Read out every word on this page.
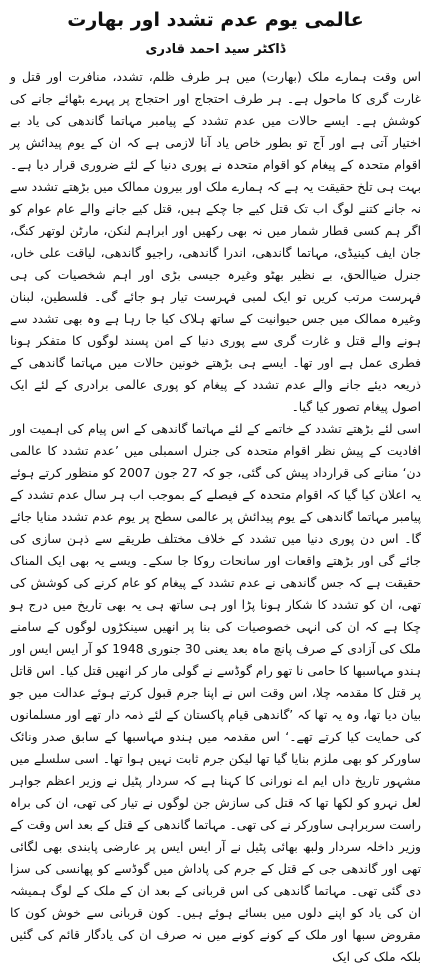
عالمی یوم عدم تشدد اور بھارت
ڈاکٹر سید احمد قادری

اس وقت ہمارے ملک (بھارت) میں ہر طرف ظلم، تشدد، منافرت اور قتل و غارت گری کا ماحول ہے۔ ہر طرف احتجاج اور احتجاج پر پہرے بٹھائے جانے کی کوشش ہے۔ ایسے حالات میں عدم تشدد کے پیامبر مہاتما گاندھی کی یاد بے اختیار آتی ہے اور آج تو بطور خاص یاد آنا لازمی ہے کہ ان کے یوم پیدائش پر اقوام متحدہ کے پیغام کو اقوام متحدہ نے پوری دنیا کے لئے ضروری قرار دیا ہے۔ بہت ہی تلخ حقیقت یہ ہے کہ ہمارے ملک اور بیرون ممالک میں بڑھتے تشدد سے نہ جانے کتنے لوگ اب تک قتل کیے جا چکے ہیں، قتل کیے جانے والے عام عوام کو اگر ہم کسی قطار شمار میں نہ بھی رکھیں اور ابراہم لنکن، مارٹن لوتھر کنگ، جان ایف کینیڈی، مہاتما گاندھی، اندرا گاندھی، راجیو گاندھی، لیاقت علی خاں، جنرل ضیاالحق، بے نظیر بھٹو وغیرہ جیسی بڑی اور اہم شخصیات کی ہی فہرست مرتب کریں تو ایک لمبی فہرست تیار ہو جائے گی۔ فلسطین، لبنان وغیرہ ممالک میں جس حیوانیت کے ساتھ ہلاک کیا جا رہا ہے وہ بھی تشدد سے ہونے والے قتل و غارت گری سے پوری دنیا کے امن پسند لوگوں کا متفکر ہونا فطری عمل ہے اور تھا۔ ایسے ہی بڑھتے خونین حالات میں مہاتما گاندھی کے ذریعہ دیئے جانے والے عدم تشدد کے پیغام کو پوری عالمی برادری کے لئے ایک اصول پیغام تصور کیا گیا۔

اسی لئے بڑھتے تشدد کے خاتمے کے لئے مہاتما گاندھی کے اس پیام کی اہمیت اور افادیت کے پیش نظر اقوام متحدہ کی جنرل اسمبلی میں ’عدم تشدد کا عالمی دن‘ منانے کی قرارداد پیش کی گئی، جو کہ 27 جون 2007 کو منظور کرتے ہوئے یہ اعلان کیا گیا کہ اقوام متحدہ کے فیصلے کے بموجب اب ہر سال عدم تشدد کے پیامبر مہاتما گاندھی کے یوم پیدائش پر عالمی سطح پر یوم عدم تشدد منایا جائے گا۔ اس دن پوری دنیا میں تشدد کے خلاف مختلف طریقے سے ذہن سازی کی جائے گی اور بڑھتے واقعات اور سانحات روکا جا سکے۔ ویسے یہ بھی ایک المناک حقیقت ہے کہ جس گاندھی نے عدم تشدد کے پیغام کو عام کرنے کی کوشش کی تھی، ان کو تشدد کا شکار ہونا پڑا اور ہی ساتھ ہی یہ بھی تاریخ میں درج ہو چکا ہے کہ ان کی انہی خصوصیات کی بنا پر انھیں سینکڑوں لوگوں کے سامنے ملک کی آزادی کے صرف پانچ ماہ بعد یعنی 30 جنوری 1948 کو آر ایس ایس اور ہندو مہاسبھا کا حامی نا تھو رام گوڈسے نے گولی مار کر انھیں قتل کیا۔ اس قاتل پر قتل کا مقدمہ چلا، اس وقت اس نے اپنا جرم قبول کرتے ہوئے عدالت میں جو بیان دیا تھا، وہ یہ تھا کہ ’گاندھی قیام پاکستان کے لئے ذمہ دار تھے اور مسلمانوں کی حمایت کیا کرتے تھے۔‘ اس مقدمہ میں ہندو مہاسبھا کے سابق صدر ونائک ساورکر کو بھی ملزم بنایا گیا تھا لیکن جرم ثابت نہیں ہوا تھا۔ اسی سلسلے میں مشہور تاریخ داں ایم اے نورانی کا کہنا ہے کہ سردار پٹیل نے وزیر اعظم جواہر لعل نہرو کو لکھا تھا کہ قتل کی سازش جن لوگوں نے تیار کی تھی، ان کی براہ راست سربراہی ساورکر نے کی تھی۔ مہاتما گاندھی کے قتل کے بعد اس وقت کے وزیر داخلہ سردار ولبھ بھائی پٹیل نے آر ایس ایس پر عارضی پابندی بھی لگائی تھی اور گاندھی جی کے قتل کے جرم کی پاداش میں گوڈسے کو پھانسی کی سزا دی گئی تھی۔ مہاتما گاندھی کی اس قربانی کے بعد ان کے ملک کے لوگ ہمیشہ ان کی یاد کو اپنے دلوں میں بسائے ہوئے ہیں۔ کون قربانی سے خوش کون کا مقروض سبھا اور ملک کے کونے کونے میں نہ صرف ان کی یادگار قائم کی گئیں بلکہ ملک کی ایک
